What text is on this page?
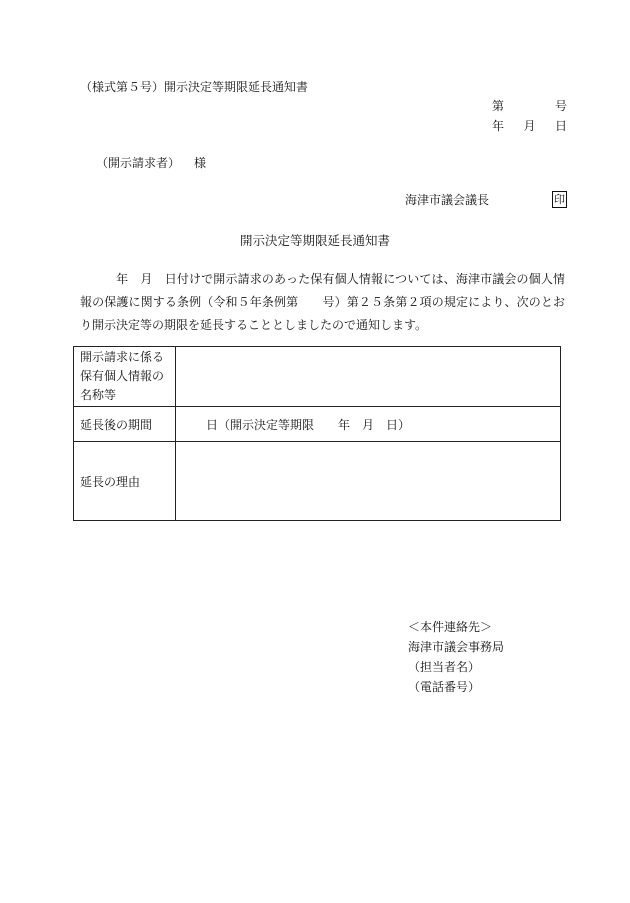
（様式第５号）開示決定等期限延長通知書
第	号
年 月 日
（開示請求者） 様
海津市議会議長	印
開示決定等期限延長通知書
年　月　日付けで開示請求のあった保有個人情報については、海津市議会の個人情報の保護に関する条例（令和５年条例第　　号）第２５条第２項の規定により、次のとおり開示決定等の期限を延長することとしましたので通知します。
開示請求に係る
保有個人情報の
名称等	

延長後の期間	日（開示決定等期限　　年　月　日）
延長の理由	
＜本件連絡先＞
海津市議会事務局
（担当者名）
（電話番号）
